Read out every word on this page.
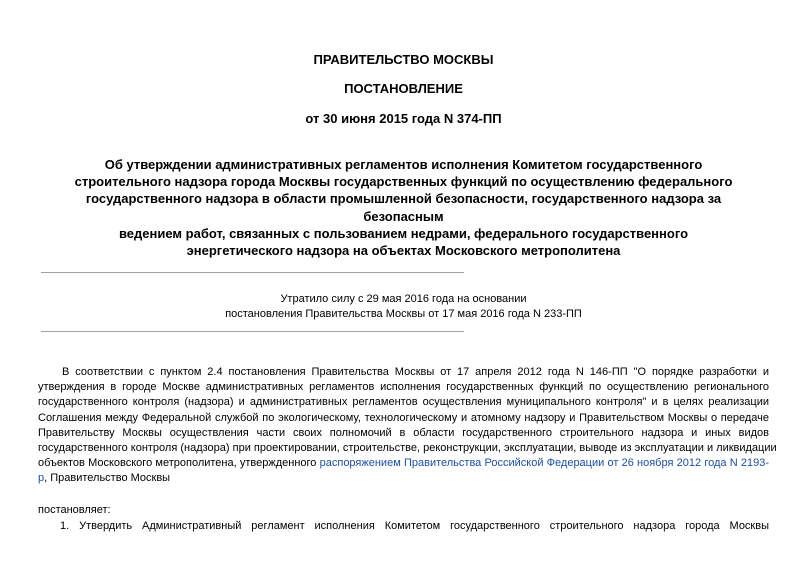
ПРАВИТЕЛЬСТВО МОСКВЫ
ПОСТАНОВЛЕНИЕ
от 30 июня 2015 года N 374-ПП
Об утверждении административных регламентов исполнения Комитетом государственного
строительного надзора города Москвы государственных функций по осуществлению федерального
государственного надзора в области промышленной безопасности, государственного надзора за
безопасным
ведением работ, связанных с пользованием недрами, федерального государственного
энергетического надзора на объектах Московского метрополитена
Утратило силу с 29 мая 2016 года на основании
постановления Правительства Москвы от 17 мая 2016 года N 233-ПП
В соответствии с пунктом 2.4 постановления Правительства Москвы от 17 апреля 2012 года N 146-ПП "О порядке разработки и
утверждения в городе Москве административных регламентов исполнения государственных функций по осуществлению регионального
государственного контроля (надзора) и административных регламентов осуществления муниципального контроля" и в целях реализации
Соглашения между Федеральной службой по экологическому, технологическому и атомному надзору и Правительством Москвы о передаче
Правительству Москвы осуществления части своих полномочий в области государственного строительного надзора и иных видов
государственного контроля (надзора) при проектировании, строительстве, реконструкции, эксплуатации, выводе из эксплуатации и ликвидации
объектов Московского метрополитена, утвержденного распоряжением Правительства Российской Федерации от 26 ноября 2012 года N 2193-
р, Правительство Москвы
постановляет:
1. Утвердить Административный регламент исполнения Комитетом государственного строительного надзора города Москвы
